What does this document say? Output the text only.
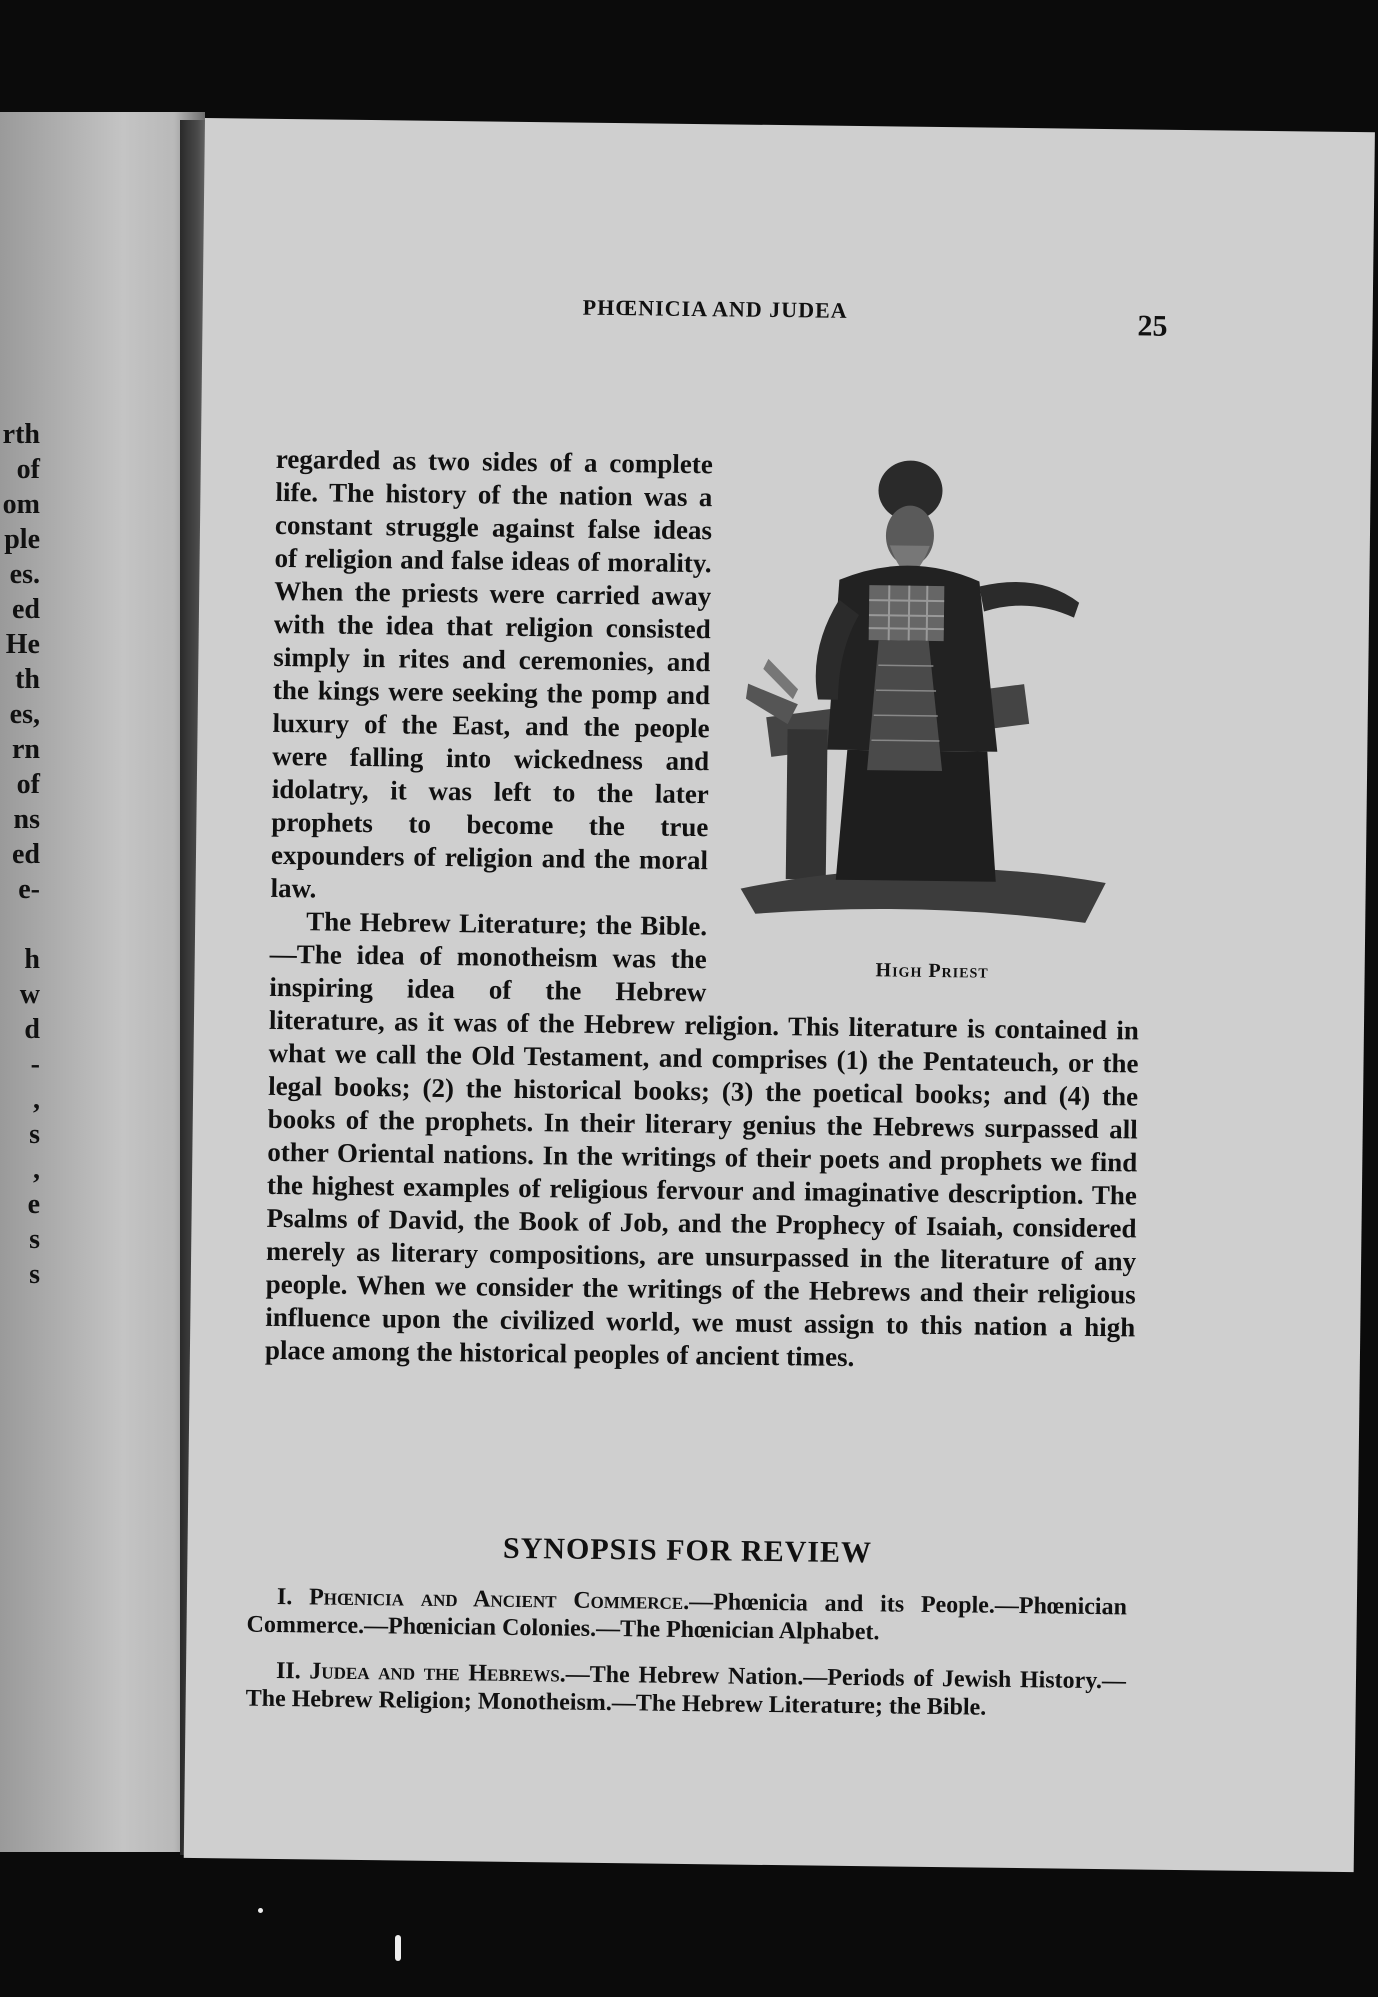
rth
of
om
ple
es.
ed
He
th
es,
rn
of
ns
ed
e-

h
w
d
-
,
s
,
e
s
s

PHŒNICIA AND JUDEA
25
High Priest

regarded as two sides of a complete life. The history of the nation was a constant struggle against false ideas of religion and false ideas of morality. When the priests were carried away with the idea that religion consisted simply in rites and ceremonies, and the kings were seeking the pomp and luxury of the East, and the people were falling into wickedness and idolatry, it was left to the later prophets to become the true expounders of religion and the moral law.

The Hebrew Literature; the Bible.—The idea of monotheism was the inspiring idea of the Hebrew literature, as it was of the Hebrew religion. This literature is contained in what we call the Old Testament, and comprises (1) the Pentateuch, or the legal books; (2) the historical books; (3) the poetical books; and (4) the books of the prophets. In their literary genius the Hebrews surpassed all other Oriental nations. In the writings of their poets and prophets we find the highest examples of religious fervour and imaginative description. The Psalms of David, the Book of Job, and the Prophecy of Isaiah, considered merely as literary compositions, are unsurpassed in the literature of any people. When we consider the writings of the Hebrews and their religious influence upon the civilized world, we must assign to this nation a high place among the historical peoples of ancient times.

SYNOPSIS FOR REVIEW
I. Phœnicia and Ancient Commerce.—Phœnicia and its People.—Phœnician Commerce.—Phœnician Colonies.—The Phœnician Alphabet.
II. Judea and the Hebrews.—The Hebrew Nation.—Periods of Jewish History.—The Hebrew Religion; Monotheism.—The Hebrew Literature; the Bible.
